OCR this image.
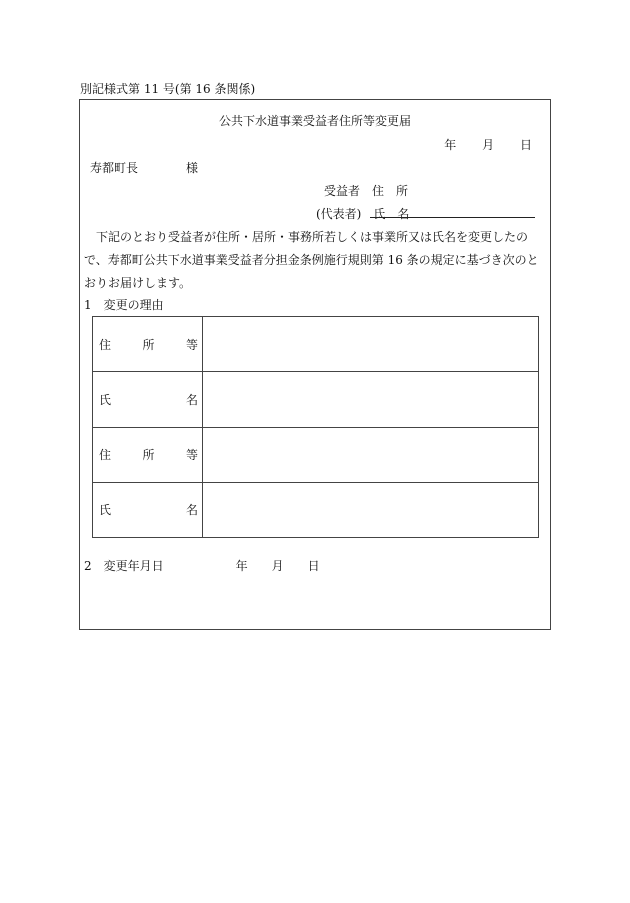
別記様式第 11 号(第 16 条関係)
公共下水道事業受益者住所等変更届
年 月 日
寿都町長	様
受益者　住　所
(代表者)　氏　名
下記のとおり受益者が住所・居所・事務所若しくは事業所又は氏名を変更したので、寿都町公共下水道事業受益者分担金条例施行規則第 16 条の規定に基づき次のとおりお届けします。
1　変更の理由
住 所 等	

氏 名	

住 所 等	

氏 名	

2　変更年月日	年 月 日
